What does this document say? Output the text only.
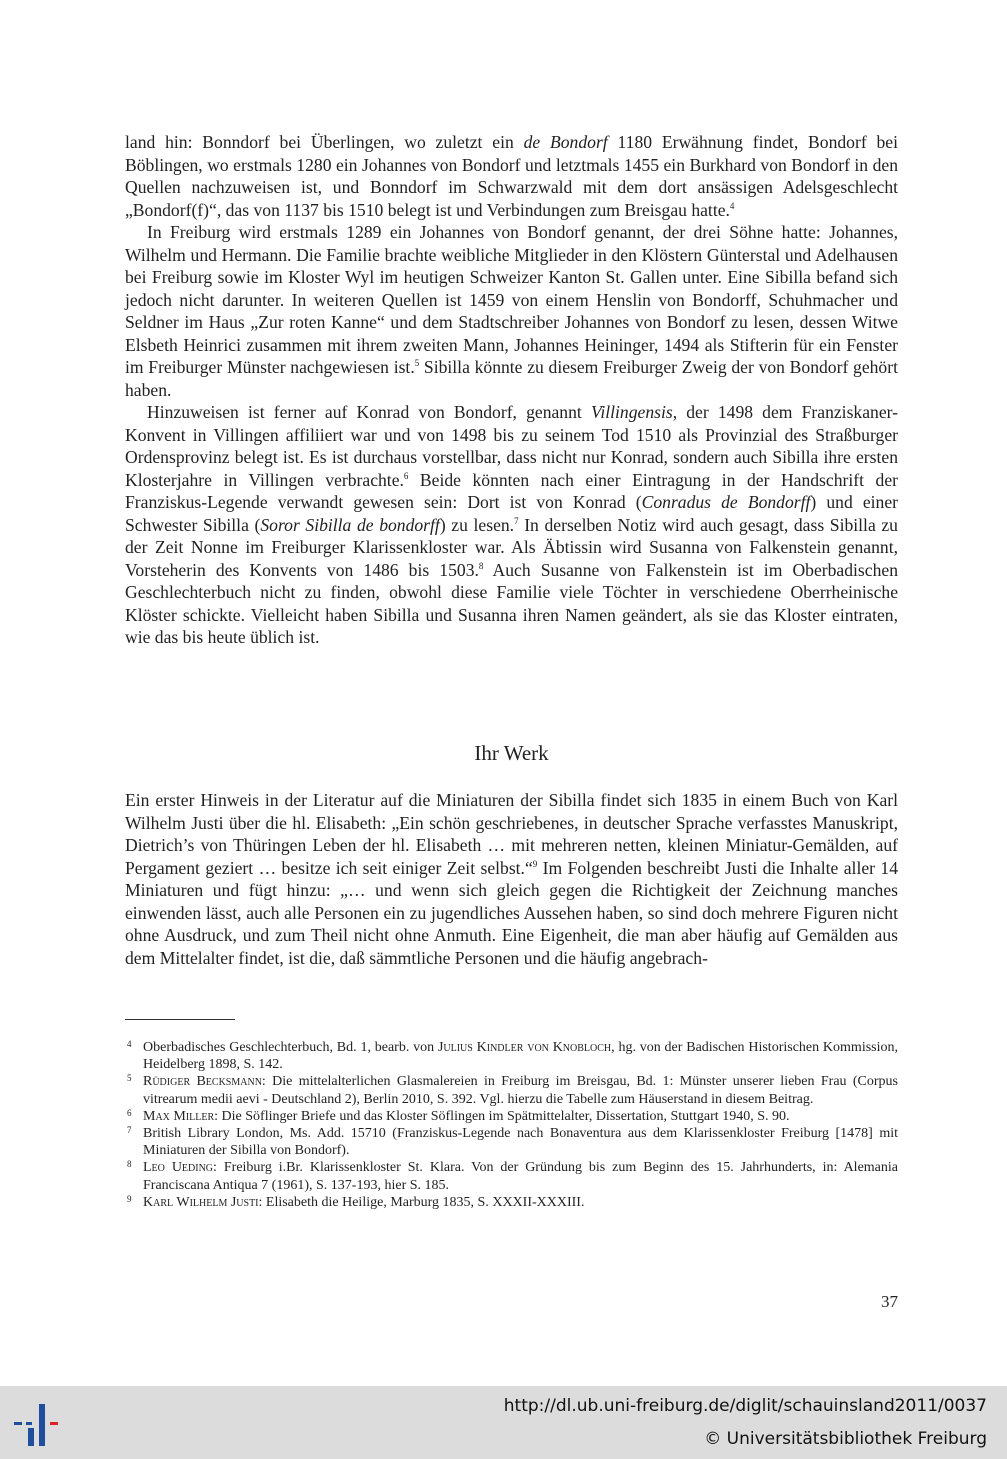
land hin: Bonndorf bei Überlingen, wo zuletzt ein de Bondorf 1180 Erwähnung findet, Bondorf bei Böblingen, wo erstmals 1280 ein Johannes von Bondorf und letztmals 1455 ein Burkhard von Bondorf in den Quellen nachzuweisen ist, und Bonndorf im Schwarzwald mit dem dort ansässigen Adelsgeschlecht „Bondorf(f)“, das von 1137 bis 1510 belegt ist und Verbindungen zum Breisgau hatte.$^4$

In Freiburg wird erstmals 1289 ein Johannes von Bondorf genannt, der drei Söhne hatte: Johannes, Wilhelm und Hermann. Die Familie brachte weibliche Mitglieder in den Klöstern Günterstal und Adelhausen bei Freiburg sowie im Kloster Wyl im heutigen Schweizer Kanton St. Gallen unter. Eine Sibilla befand sich jedoch nicht darunter. In weiteren Quellen ist 1459 von einem Henslin von Bondorff, Schuhmacher und Seldner im Haus „Zur roten Kanne“ und dem Stadtschreiber Johannes von Bondorf zu lesen, dessen Witwe Elsbeth Heinrici zusammen mit ihrem zweiten Mann, Johannes Heininger, 1494 als Stifterin für ein Fenster im Freiburger Münster nachgewiesen ist.$^5$ Sibilla könnte zu diesem Freiburger Zweig der von Bondorf gehört haben.

Hinzuweisen ist ferner auf Konrad von Bondorf, genannt Villingensis, der 1498 dem Franziskaner-Konvent in Villingen affiliiert war und von 1498 bis zu seinem Tod 1510 als Provinzial des Straßburger Ordensprovinz belegt ist. Es ist durchaus vorstellbar, dass nicht nur Konrad, sondern auch Sibilla ihre ersten Klosterjahre in Villingen verbrachte.$^6$ Beide könnten nach einer Eintragung in der Handschrift der Franziskus-Legende verwandt gewesen sein: Dort ist von Konrad (Conradus de Bondorff) und einer Schwester Sibilla (Soror Sibilla de bondorff) zu lesen.$^7$ In derselben Notiz wird auch gesagt, dass Sibilla zu der Zeit Nonne im Freiburger Klarissenkloster war. Als Äbtissin wird Susanna von Falkenstein genannt, Vorsteherin des Konvents von 1486 bis 1503.$^8$ Auch Susanne von Falkenstein ist im Oberbadischen Geschlechterbuch nicht zu finden, obwohl diese Familie viele Töchter in verschiedene Oberrheinische Klöster schickte. Vielleicht haben Sibilla und Susanna ihren Namen geändert, als sie das Kloster eintraten, wie das bis heute üblich ist.

Ihr Werk

Ein erster Hinweis in der Literatur auf die Miniaturen der Sibilla findet sich 1835 in einem Buch von Karl Wilhelm Justi über die hl. Elisabeth: „Ein schön geschriebenes, in deutscher Sprache verfasstes Manuskript, Dietrich’s von Thüringen Leben der hl. Elisabeth … mit mehreren netten, kleinen Miniatur-Gemälden, auf Pergament geziert … besitze ich seit einiger Zeit selbst.“$^9$ Im Folgenden beschreibt Justi die Inhalte aller 14 Miniaturen und fügt hinzu: „… und wenn sich gleich gegen die Richtigkeit der Zeichnung manches einwenden lässt, auch alle Personen ein zu jugendliches Aussehen haben, so sind doch mehrere Figuren nicht ohne Ausdruck, und zum Theil nicht ohne Anmuth. Eine Eigenheit, die man aber häufig auf Gemälden aus dem Mittelalter findet, ist die, daß sämmtliche Personen und die häufig angebrach-

4 Oberbadisches Geschlechterbuch, Bd. 1, bearb. von Julius Kindler von Knobloch, hg. von der Badischen Historischen Kommission, Heidelberg 1898, S. 142.

5 Rüdiger Becksmann: Die mittelalterlichen Glasmalereien in Freiburg im Breisgau, Bd. 1: Münster unserer lieben Frau (Corpus vitrearum medii aevi - Deutschland 2), Berlin 2010, S. 392. Vgl. hierzu die Tabelle zum Häuserstand in diesem Beitrag.

6 Max Miller: Die Söflinger Briefe und das Kloster Söflingen im Spätmittelalter, Dissertation, Stuttgart 1940, S. 90.

7 British Library London, Ms. Add. 15710 (Franziskus-Legende nach Bonaventura aus dem Klarissenkloster Freiburg [1478] mit Miniaturen der Sibilla von Bondorf).

8 Leo Ueding: Freiburg i.Br. Klarissenkloster St. Klara. Von der Gründung bis zum Beginn des 15. Jahrhunderts, in: Alemania Franciscana Antiqua 7 (1961), S. 137-193, hier S. 185.

9 Karl Wilhelm Justi: Elisabeth die Heilige, Marburg 1835, S. XXXII-XXXIII.

37
http://dl.ub.uni-freiburg.de/diglit/schauinsland2011/0037
© Universitätsbibliothek Freiburg
